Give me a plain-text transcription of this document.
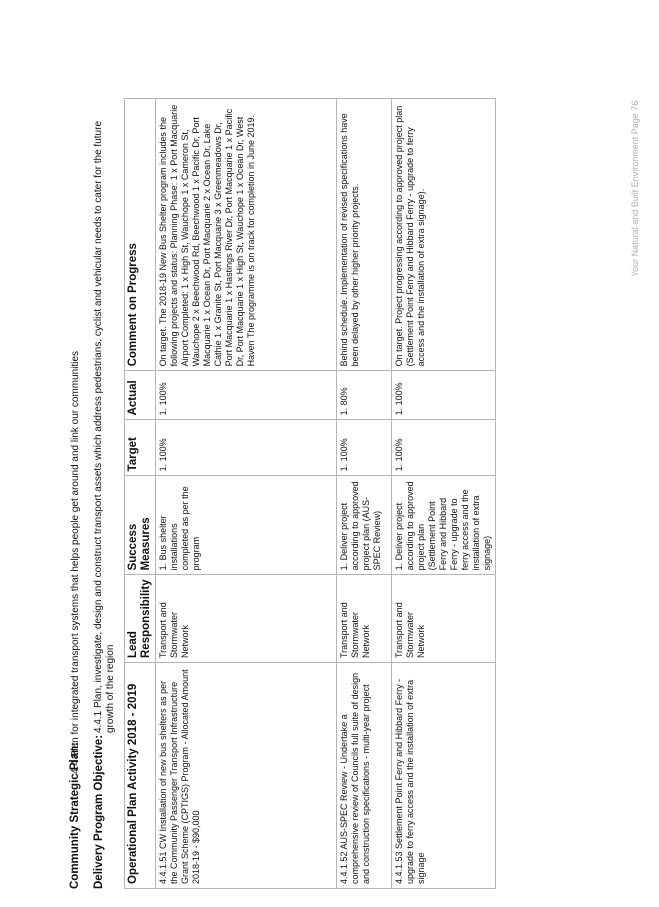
Community Strategic Plan:4.4 Plan for integrated transport systems that helps people get around and link our communities
Delivery Program Objective:4.4.1 Plan, investigate, design and construct transport assets which address pedestrians, cyclist and vehicular needs to cater for the future growth of the region Operational Plan Activity 2018 - 2019	Lead Responsibility	Success Measures	Target	Actual	Comment on Progress
4.4.1.51 CW Installation of new bus shelters as per the Community Passenger Transport Infrastructure Grant Scheme (CPTIGS) Program - Allocated Amount 2018-19 - $90,000	Transport and Stormwater Network	1. Bus shelter installations completed as per the program	1. 100%	1. 100%	On target. The 2018-19 New Bus Shelter program includes the following projects and status: Planning Phase: 1 x Port Macquarie Airport Completed: 1 x High St, Wauchope 1 x Cameron St, Wauchope 2 x Beechwood Rd, Beechwood 1 x Pacific Dr, Port Macquarie 1 x Ocean Dr, Port Macquarie 2 x Ocean Dr, Lake Cathie 1 x Granite St, Port Macquarie 3 x Greenmeadows Dr, Port Macquarie 1 x Hastings River Dr, Port Macquarie 1 x Pacific Dr, Port Macquarie 1 x High St, Wauchope 1 x Ocean Dr, West Haven The programme is on track for completion in June 2019.
4.4.1.52 AUS-SPEC Review - Undertake a comprehensive review of Councils full suite of design and construction specifications - multi-year project	Transport and Stormwater Network	1. Deliver project according to approved project plan (AUS-SPEC Review)	1. 100%	1. 80%	Behind schedule. Implementation of revised specifications have been delayed by other higher priority projects.
4.4.1.53 Settlement Point Ferry and Hibbard Ferry - upgrade to ferry access and the installation of extra signage	Transport and Stormwater Network	1. Deliver project according to approved project plan (Settlement Point Ferry and Hibbard Ferry - upgrade to ferry access and the installation of extra signage)	1. 100%	1. 100%	On target. Project progressing according to approved project plan (Settlement Point Ferry and Hibbard Ferry - upgrade to ferry access and the installation of extra signage).	Your Natural and Built Environment Page 76
